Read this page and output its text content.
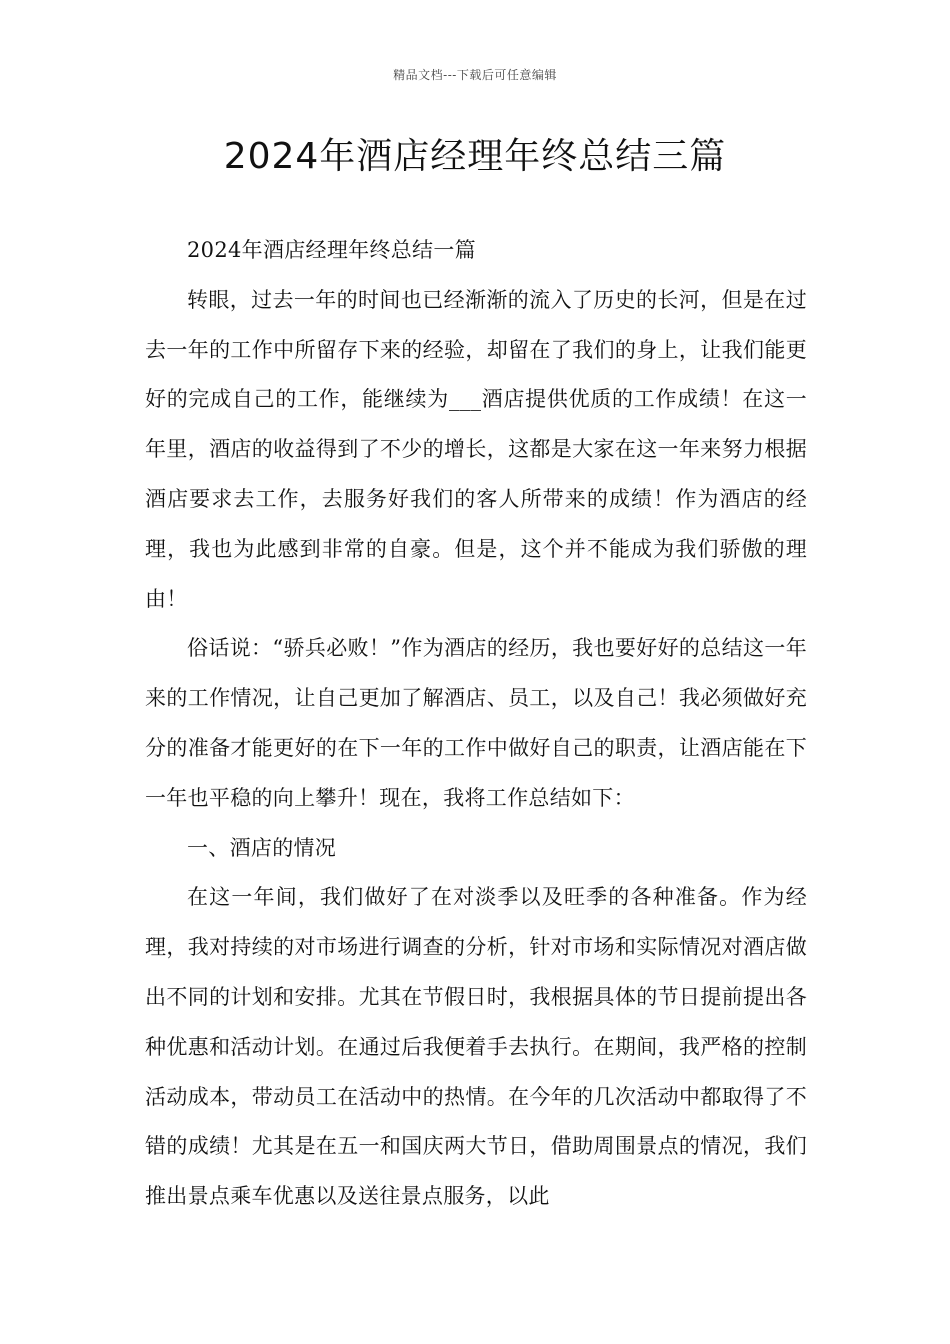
精品文档---下载后可任意编辑
2024年酒店经理年终总结三篇

2024年酒店经理年终总结一篇

转眼，过去一年的时间也已经渐渐的流入了历史的长河，但是在过去一年的工作中所留存下来的经验，却留在了我们的身上，让我们能更好的完成自己的工作，能继续为___酒店提供优质的工作成绩！在这一年里，酒店的收益得到了不少的增长，这都是大家在这一年来努力根据酒店要求去工作，去服务好我们的客人所带来的成绩！作为酒店的经理，我也为此感到非常的自豪。但是，这个并不能成为我们骄傲的理由！

俗话说：“骄兵必败！”作为酒店的经历，我也要好好的总结这一年来的工作情况，让自己更加了解酒店、员工，以及自己！我必须做好充分的准备才能更好的在下一年的工作中做好自己的职责，让酒店能在下一年也平稳的向上攀升！现在，我将工作总结如下：

一、酒店的情况

在这一年间，我们做好了在对淡季以及旺季的各种准备。作为经理，我对持续的对市场进行调查的分析，针对市场和实际情况对酒店做出不同的计划和安排。尤其在节假日时，我根据具体的节日提前提出各种优惠和活动计划。在通过后我便着手去执行。在期间，我严格的控制活动成本，带动员工在活动中的热情。在今年的几次活动中都取得了不错的成绩！尤其是在五一和国庆两大节日，借助周围景点的情况，我们推出景点乘车优惠以及送往景点服务，以此
